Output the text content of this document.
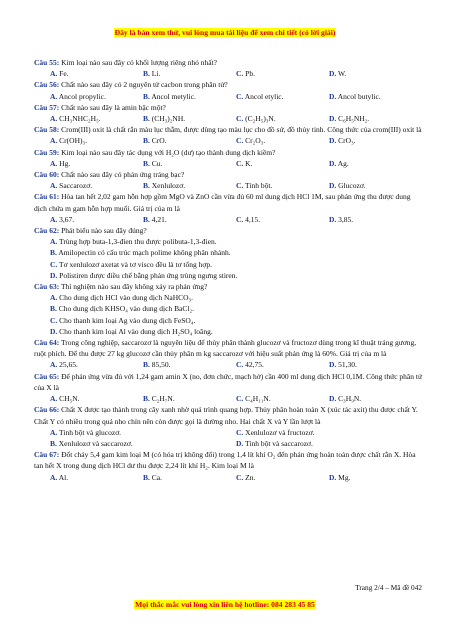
Đây là bản xem thử, vui lòng mua tài liệu để xem chi tiết (có lời giải)
Câu 55: Kim loại nào sau đây có khối lượng riêng nhỏ nhất?
A. Fe.	B. Li.	C. Pb.	D. W.
Câu 56: Chất nào sau đây có 2 nguyên tử cacbon trong phân tử?
A. Ancol propylic.	B. Ancol metylic.	C. Ancol etylic.	D. Ancol butylic.
Câu 57: Chất nào sau đây là amin bậc một?
A. CH₃NHC₂H₅.	B. (CH₃)₂NH.	C. (C₂H₅)₃N.	D. C₆H₅NH₂.
Câu 58: Crom(III) oxit là chất rắn màu lục thẫm, được dùng tạo màu lục cho đồ sứ, đồ thủy tinh. Công thức của crom(III) oxit là
A. Cr(OH)₃.	B. CrO.	C. Cr₂O₃.	D. CrO₃.
Câu 59: Kim loại nào sau đây tác dụng với H₂O (dư) tạo thành dung dịch kiềm?
A. Hg.	B. Cu.	C. K.	D. Ag.
Câu 60: Chất nào sau đây có phản ứng tráng bạc?
A. Saccarozơ.	B. Xenlulozơ.	C. Tinh bột.	D. Glucozơ.
Câu 61: Hòa tan hết 2,02 gam hỗn hợp gồm MgO và ZnO cần vừa đủ 60 ml dung dịch HCl 1M, sau phản ứng thu được dung dịch chứa m gam hỗn hợp muối. Giá trị của m là
A. 3,67.	B. 4,21.	C. 4,15.	D. 3,85.
Câu 62: Phát biểu nào sau đây đúng?
A. Trùng hợp buta-1,3-đien thu được polibuta-1,3-đien.
B. Amilopectin có cấu trúc mạch polime không phân nhánh.
C. Tơ xenlulozơ axetat và tơ visco đều là tơ tổng hợp.
D. Polistiren được điều chế bằng phản ứng trùng ngưng stiren.
Câu 63: Thí nghiệm nào sau đây không xảy ra phản ứng?
A. Cho dung dịch HCl vào dung dịch NaHCO₃.
B. Cho dung dịch KHSO₄ vào dung dịch BaCl₂.
C. Cho thanh kim loại Ag vào dung dịch FeSO₄.
D. Cho thanh kim loại Al vào dung dịch H₂SO₄ loãng.
Câu 64: Trong công nghiệp, saccarozơ là nguyên liệu để thủy phân thành glucozơ và fructozơ dùng trong kĩ thuật tráng gương, ruột phích. Để thu được 27 kg glucozơ cần thủy phân m kg saccarozơ với hiệu suất phản ứng là 60%. Giá trị của m là
A. 25,65.	B. 85,50.	C. 42,75.	D. 51,30.
Câu 65: Để phản ứng vừa đủ với 1,24 gam amin X (no, đơn chức, mạch hở) cần 400 ml dung dịch HCl 0,1M. Công thức phân tử của X là
A. CH₅N.	B. C₂H₇N.	C. C₄H₁₁N.	D. C₃H₉N.
Câu 66: Chất X được tạo thành trong cây xanh nhờ quá trình quang hợp. Thủy phân hoàn toàn X (xúc tác axit) thu được chất Y. Chất Y có nhiều trong quả nho chín nên còn được gọi là đường nho. Hai chất X và Y lần lượt là
A. Tinh bột và glucozơ.	C. Xenlulozơ và fructozơ.
B. Xenlulozơ và saccarozơ.	D. Tinh bột và saccarozơ.
Câu 67: Đốt cháy 5,4 gam kim loại M (có hóa trị không đổi) trong 1,4 lít khí O₂ đến phản ứng hoàn toàn được chất rắn X. Hòa tan hết X trong dung dịch HCl dư thu được 2,24 lít khí H₂. Kim loại M là
A. Al.	B. Ca.	C. Zn.	D. Mg.
Trang 2/4 – Mã đề 042
Mọi thắc mắc vui lòng xin liên hệ hotline: 084 283 45 85
